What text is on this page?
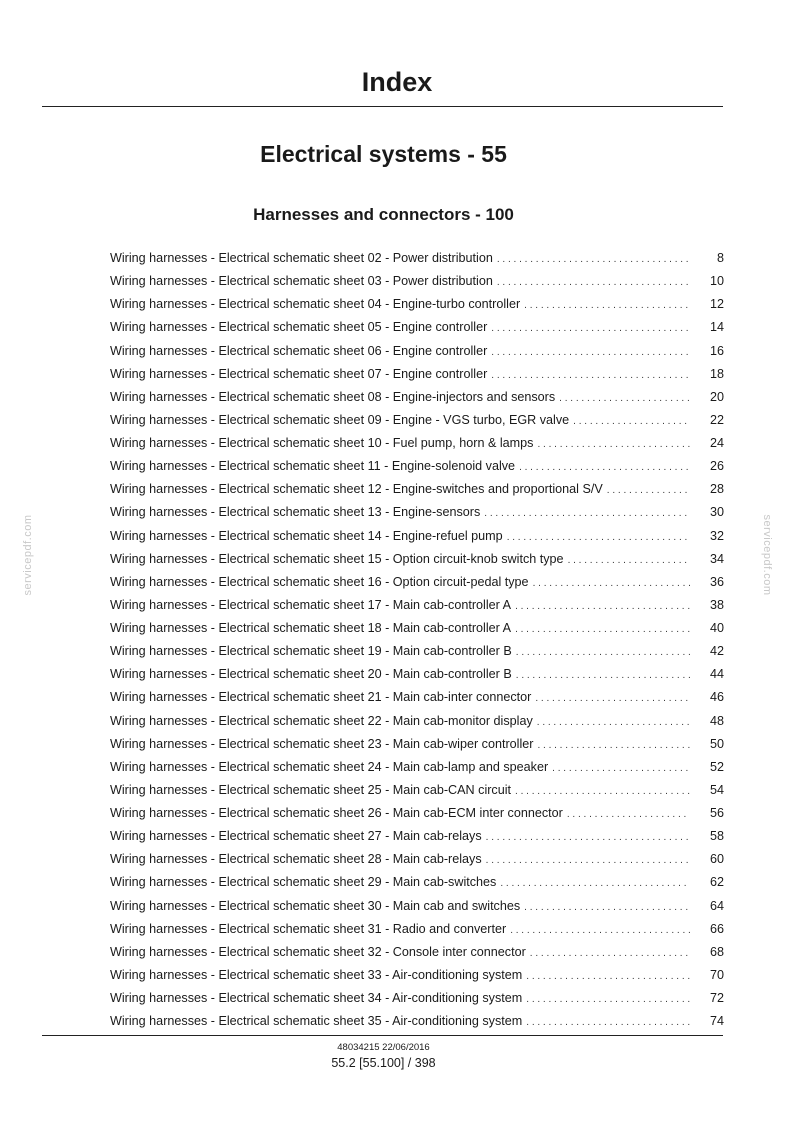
Index
Electrical systems - 55
Harnesses and connectors - 100
Wiring harnesses - Electrical schematic sheet 02 - Power distribution . . .	8
Wiring harnesses - Electrical schematic sheet 03 - Power distribution . . .	10
Wiring harnesses - Electrical schematic sheet 04 - Engine-turbo controller . . .	12
Wiring harnesses - Electrical schematic sheet 05 - Engine controller . . .	14
Wiring harnesses - Electrical schematic sheet 06 - Engine controller . . .	16
Wiring harnesses - Electrical schematic sheet 07 - Engine controller . . .	18
Wiring harnesses - Electrical schematic sheet 08 - Engine-injectors and sensors . . .	20
Wiring harnesses - Electrical schematic sheet 09 - Engine - VGS turbo, EGR valve . . .	22
Wiring harnesses - Electrical schematic sheet 10 - Fuel pump, horn & lamps . . .	24
Wiring harnesses - Electrical schematic sheet 11 - Engine-solenoid valve . . .	26
Wiring harnesses - Electrical schematic sheet 12 - Engine-switches and proportional S/V . . .	28
Wiring harnesses - Electrical schematic sheet 13 - Engine-sensors . . .	30
Wiring harnesses - Electrical schematic sheet 14 - Engine-refuel pump . . .	32
Wiring harnesses - Electrical schematic sheet 15 - Option circuit-knob switch type . . .	34
Wiring harnesses - Electrical schematic sheet 16 - Option circuit-pedal type . . .	36
Wiring harnesses - Electrical schematic sheet 17 - Main cab-controller A . . .	38
Wiring harnesses - Electrical schematic sheet 18 - Main cab-controller A . . .	40
Wiring harnesses - Electrical schematic sheet 19 - Main cab-controller B . . .	42
Wiring harnesses - Electrical schematic sheet 20 - Main cab-controller B . . .	44
Wiring harnesses - Electrical schematic sheet 21 - Main cab-inter connector . . .	46
Wiring harnesses - Electrical schematic sheet 22 - Main cab-monitor display . . .	48
Wiring harnesses - Electrical schematic sheet 23 - Main cab-wiper controller . . .	50
Wiring harnesses - Electrical schematic sheet 24 - Main cab-lamp and speaker . . .	52
Wiring harnesses - Electrical schematic sheet 25 - Main cab-CAN circuit . . .	54
Wiring harnesses - Electrical schematic sheet 26 - Main cab-ECM inter connector . . .	56
Wiring harnesses - Electrical schematic sheet 27 - Main cab-relays . . .	58
Wiring harnesses - Electrical schematic sheet 28 - Main cab-relays . . .	60
Wiring harnesses - Electrical schematic sheet 29 - Main cab-switches . . .	62
Wiring harnesses - Electrical schematic sheet 30 - Main cab and switches . . .	64
Wiring harnesses - Electrical schematic sheet 31 - Radio and converter . . .	66
Wiring harnesses - Electrical schematic sheet 32 - Console inter connector . . .	68
Wiring harnesses - Electrical schematic sheet 33 - Air-conditioning system . . .	70
Wiring harnesses - Electrical schematic sheet 34 - Air-conditioning system . . .	72
Wiring harnesses - Electrical schematic sheet 35 - Air-conditioning system . . .	74
48034215 22/06/2016
55.2 [55.100] / 398
servicepdf.com	servicepdf.com
